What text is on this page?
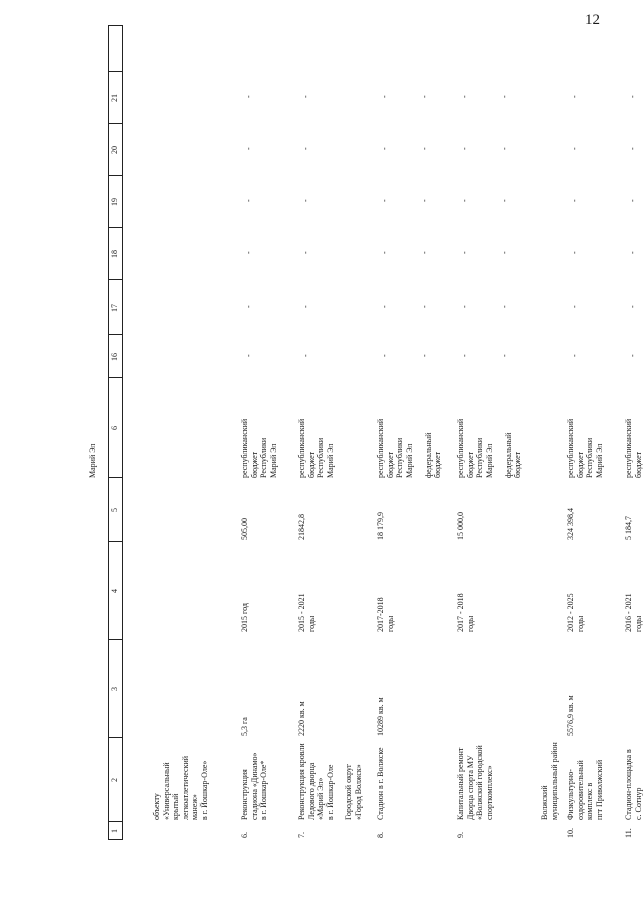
12
1
2
3
4
5
6
16
17
18
19
20
21
Марий Эл
объекту
«Универсальный
крытый
легкоатлетический
манеж»
в г. Йошкар-Оле»
6.
Реконструкция
стадиона «Динамо»
в г. Йошкар-Оле*
5,3 га
2015 год
505,00
республиканский
бюджет
Республики
Марий Эл
7.
Реконструкция кровли
Ледового дворца
«Марий Эл»
в г. Йошкар-Оле
2220 кв. м
2015 - 2021
годы
21842,8
республиканский
бюджет
Республики
Марий Эл
Городской округ
«Город Волжск»
8.
Стадион в г. Волжске
10289 кв. м
2017-2018
годы
18 179,9
республиканский
бюджет
Республики
Марий Эл

федеральный
бюджет
9.
Капитальный ремонт
Дворца спорта МУ
«Волжский городской
спорткомплекс»
2017 - 2018
годы
15 000,0
республиканский
бюджет
Республики
Марий Эл

федеральный
бюджет
Волжский
муниципальный район
10.
Физкультурно-
оздоровительный
комплекс в
пгт Приволжский
5576,9 кв. м
2012 - 2025
годы
324 398,4
республиканский
бюджет
Республики
Марий Эл
11.
Стадион-площадка в
с. Сотнур
2016 - 2021
годы
5 184,7
республиканский
бюджет
-
-
-
-
-
-
-
-
-
-
-
-
-
-
-
-
-
-
-
-
-
-
-
-
-
-
-
-
-
-
-
-
-
-
-
-
-
-
-
-
-
-
-
-
-
-
-
-
